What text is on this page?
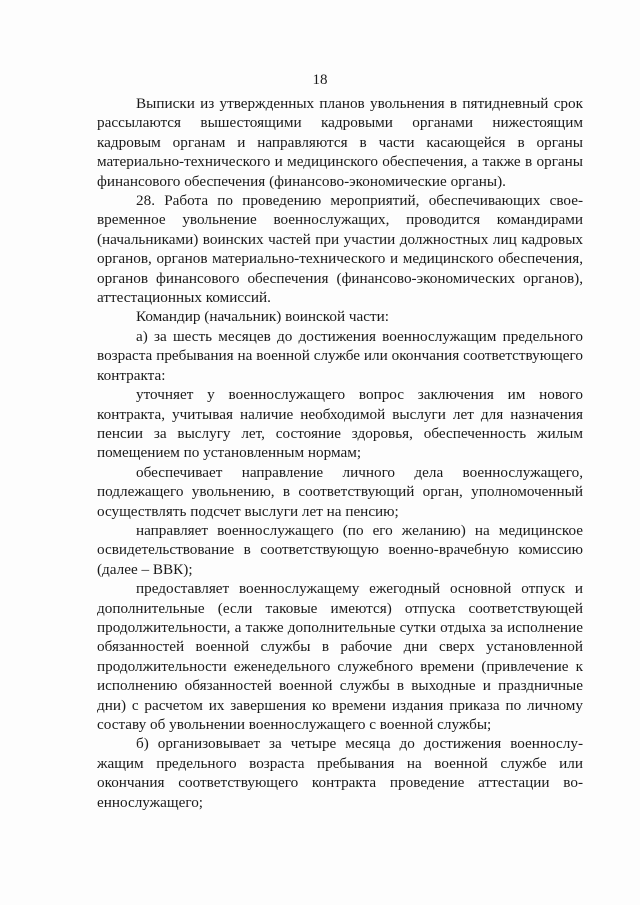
18

Выписки из утвержденных планов увольнения в пятидневный срок рассылаются вышестоящими кадровыми органами нижестоящим кадровым органам и направляются в части касающейся в органы материально-технического и медицинского обеспечения, а также в органы финансового обеспечения (финансово-экономические органы).

28. Работа по проведению мероприятий, обеспечивающих своевременное увольнение военнослужащих, проводится командирами (начальниками) воинских частей при участии должностных лиц кадровых органов, органов материально-технического и медицинского обеспечения, органов финансового обеспечения (финансово-экономических органов), аттестационных комиссий.

Командир (начальник) воинской части:

а) за шесть месяцев до достижения военнослужащим предельного возраста пребывания на военной службе или окончания соответствующего контракта:

уточняет у военнослужащего вопрос заключения им нового контракта, учитывая наличие необходимой выслуги лет для назначения пенсии за выслугу лет, состояние здоровья, обеспеченность жилым помещением по установленным нормам;

обеспечивает направление личного дела военнослужащего, подлежащего увольнению, в соответствующий орган, уполномоченный осуществлять подсчет выслуги лет на пенсию;

направляет военнослужащего (по его желанию) на медицинское освидетельствование в соответствующую военно-врачебную комиссию (далее – ВВК);

предоставляет военнослужащему ежегодный основной отпуск и дополнительные (если таковые имеются) отпуска соответствующей продолжительности, а также дополнительные сутки отдыха за исполнение обязанностей военной службы в рабочие дни сверх установленной продолжительности еженедельного служебного времени (привлечение к исполнению обязанностей военной службы в выходные и праздничные дни) с расчетом их завершения ко времени издания приказа по личному составу об увольнении военнослужащего с военной службы;

б) организовывает за четыре месяца до достижения военнослужащим предельного возраста пребывания на военной службе или окончания соответствующего контракта проведение аттестации военнослужащего;
